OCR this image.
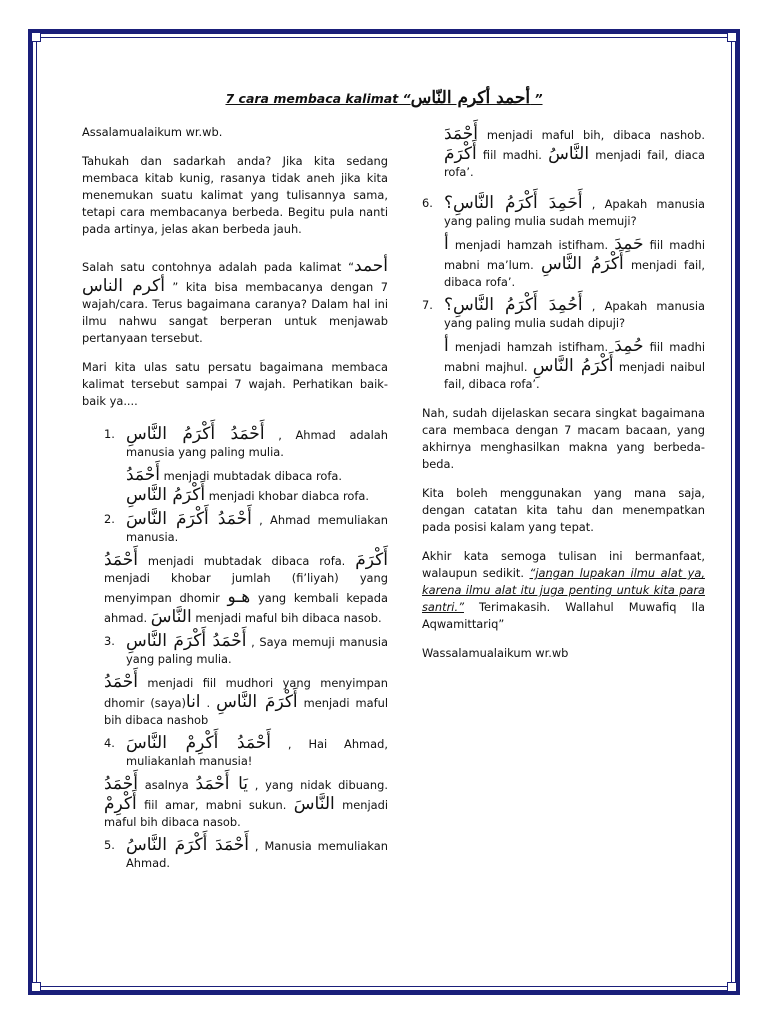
7 cara membaca kalimat “أحمد أكرم النّاس ”

Assalamualaikum wr.wb.

Tahukah dan sadarkah anda? Jika kita sedang membaca kitab kunig, rasanya tidak aneh jika kita menemukan suatu kalimat yang tulisannya sama, tetapi cara membacanya berbeda. Begitu pula nanti pada artinya, jelas akan berbeda jauh.

Salah satu contohnya adalah pada kalimat “أحمد أكرم الناس ” kita bisa membacanya dengan 7 wajah/cara. Terus bagaimana caranya? Dalam hal ini ilmu nahwu sangat berperan untuk menjawab pertanyaan tersebut.

Mari kita ulas satu persatu bagaimana membaca kalimat tersebut sampai 7 wajah. Perhatikan baik-baik ya....

1. أَحْمَدُ أَكْرَمُ النَّاسِ , Ahmad adalah manusia yang paling mulia.

أَحْمَدُ menjadi mubtadak dibaca rofa.
أَكْرَمُ النَّاسِ menjadi khobar diabca rofa.

2. أَحْمَدُ أَكْرَمَ النَّاسَ , Ahmad memuliakan manusia.

أَحْمَدُ menjadi mubtadak dibaca rofa. أَكْرَمَ menjadi khobar jumlah (fi’liyah) yang menyimpan dhomir هـو yang kembali kepada ahmad. النَّاسَ menjadi maful bih dibaca nasob.

3. أَحْمَدُ أَكْرَمَ النَّاسِ , Saya memuji manusia yang paling mulia.

أَحْمَدُ menjadi fiil mudhori yang menyimpan dhomir (saya)انا . أَكْرَمَ النَّاسِ menjadi maful bih dibaca nashob

4. أَحْمَدُ أَكْرِمْ النَّاسَ , Hai Ahmad, muliakanlah manusia!

أَحْمَدُ asalnya يَا أَحْمَدُ , yang nidak dibuang. أَكْرِمْ fiil amar, mabni sukun. النَّاسَ menjadi maful bih dibaca nasob.

5. أَحْمَدَ أَكْرَمَ النَّاسُ , Manusia memuliakan Ahmad.

أَحْمَدَ menjadi maful bih, dibaca nashob. أَكْرَمَ fiil madhi. النَّاسُ menjadi fail, diaca rofa’.

6. أَحَمِدَ أَكْرَمُ النَّاسِ؟ , Apakah manusia yang paling mulia sudah memuji?

أ menjadi hamzah istifham. حَمِدَ fiil madhi mabni ma’lum. أَكْرَمُ النَّاسِ menjadi fail, dibaca rofa’.

7. أَحُمِدَ أَكْرَمُ النَّاسِ؟ , Apakah manusia yang paling mulia sudah dipuji?

أ menjadi hamzah istifham. حُمِدَ fiil madhi mabni majhul. أَكْرَمُ النَّاسِ menjadi naibul fail, dibaca rofa’.

Nah, sudah dijelaskan secara singkat bagaimana cara membaca dengan 7 macam bacaan, yang akhirnya menghasilkan makna yang berbeda-beda.

Kita boleh menggunakan yang mana saja, dengan catatan kita tahu dan menempatkan pada posisi kalam yang tepat.

Akhir kata semoga tulisan ini bermanfaat, walaupun sedikit. “jangan lupakan ilmu alat ya, karena ilmu alat itu juga penting untuk kita para santri.” Terimakasih. Wallahul Muwafiq Ila Aqwamittariq”

Wassalamualaikum wr.wb
